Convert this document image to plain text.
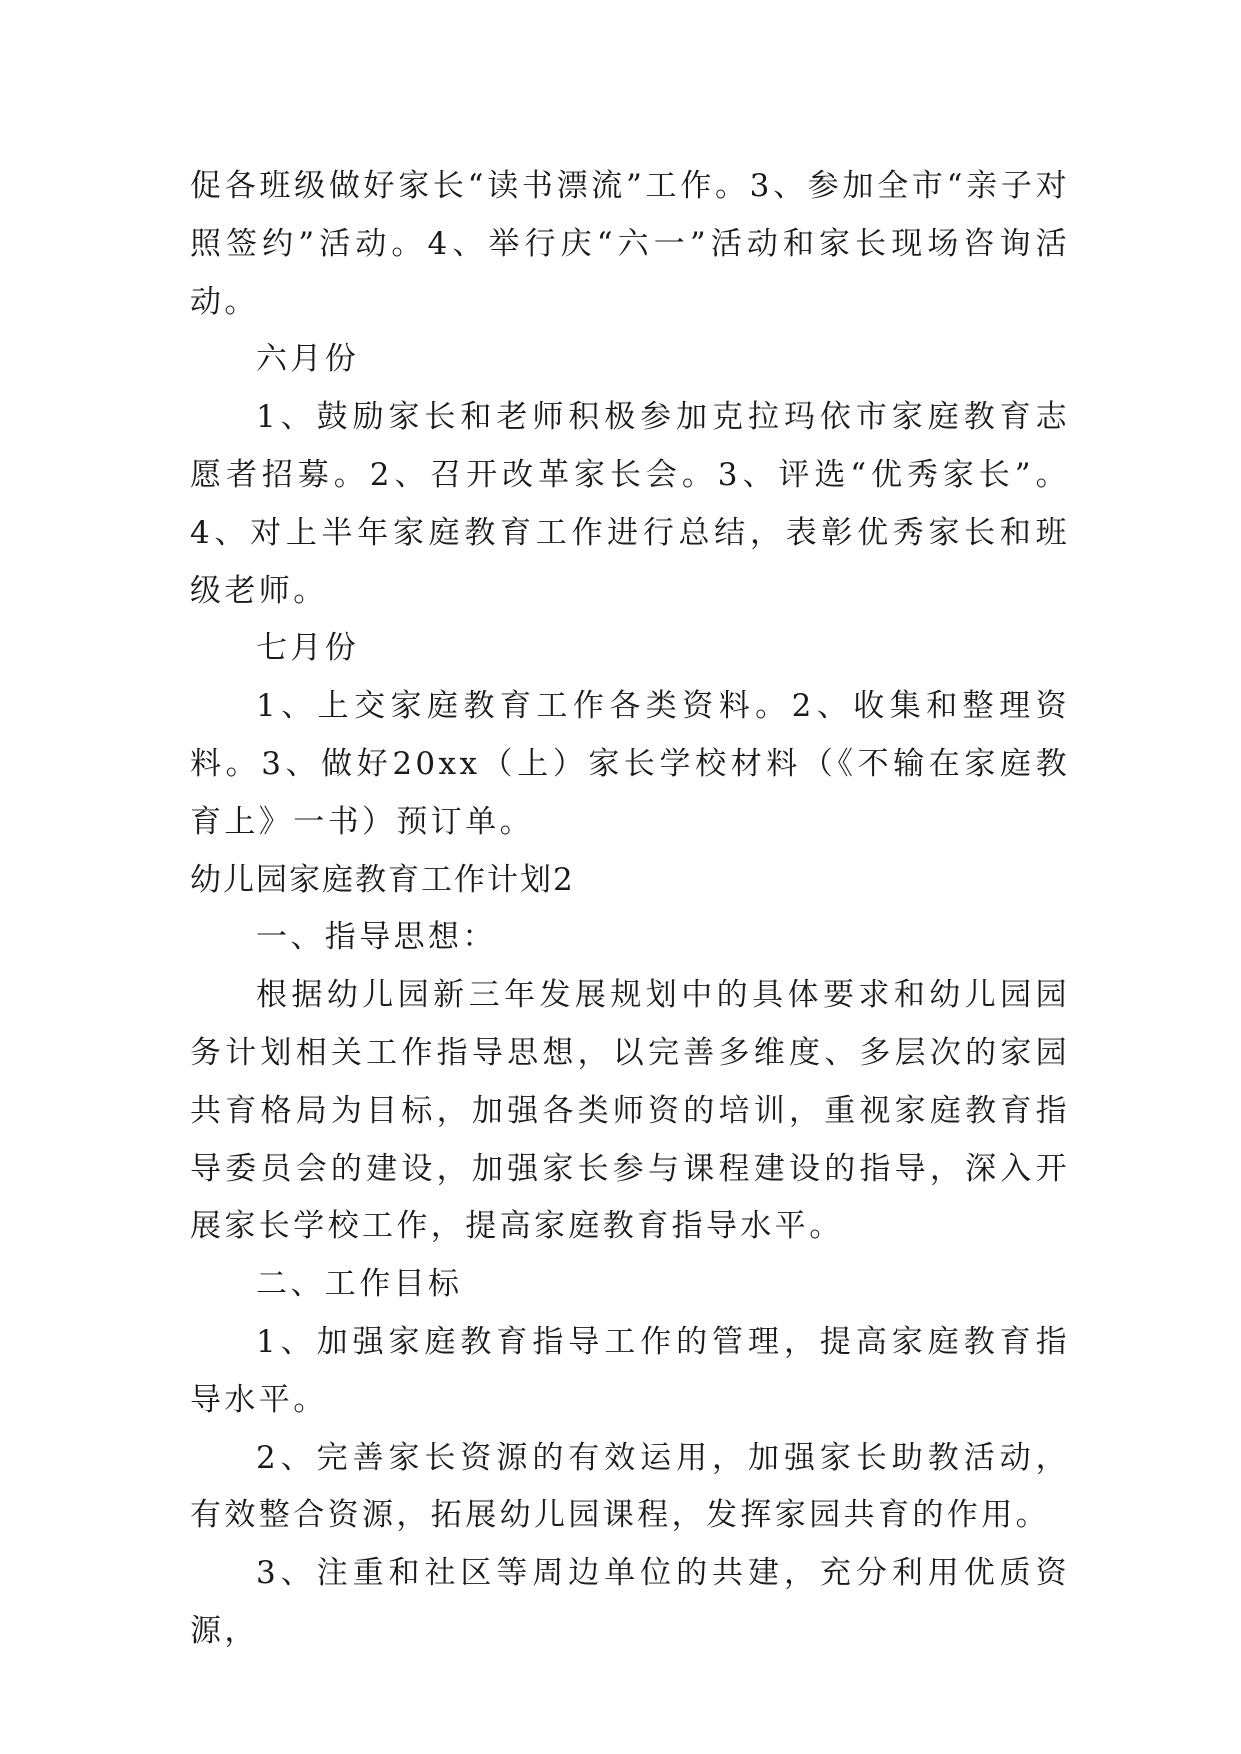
促各班级做好家长“读书漂流”工作。3、参加全市“亲子对照签约”活动。4、举行庆“六一”活动和家长现场咨询活动。

六月份

1、鼓励家长和老师积极参加克拉玛依市家庭教育志愿者招募。2、召开改革家长会。3、评选“优秀家长”。4、对上半年家庭教育工作进行总结，表彰优秀家长和班级老师。

七月份

1、上交家庭教育工作各类资料。2、收集和整理资料。3、做好20xx（上）家长学校材料（《不输在家庭教育上》一书）预订单。

幼儿园家庭教育工作计划2

一、指导思想：

根据幼儿园新三年发展规划中的具体要求和幼儿园园务计划相关工作指导思想，以完善多维度、多层次的家园共育格局为目标，加强各类师资的培训，重视家庭教育指导委员会的建设，加强家长参与课程建设的指导，深入开展家长学校工作，提高家庭教育指导水平。

二、工作目标

1、加强家庭教育指导工作的管理，提高家庭教育指导水平。

2、完善家长资源的有效运用，加强家长助教活动，有效整合资源，拓展幼儿园课程，发挥家园共育的作用。

3、注重和社区等周边单位的共建，充分利用优质资源，
